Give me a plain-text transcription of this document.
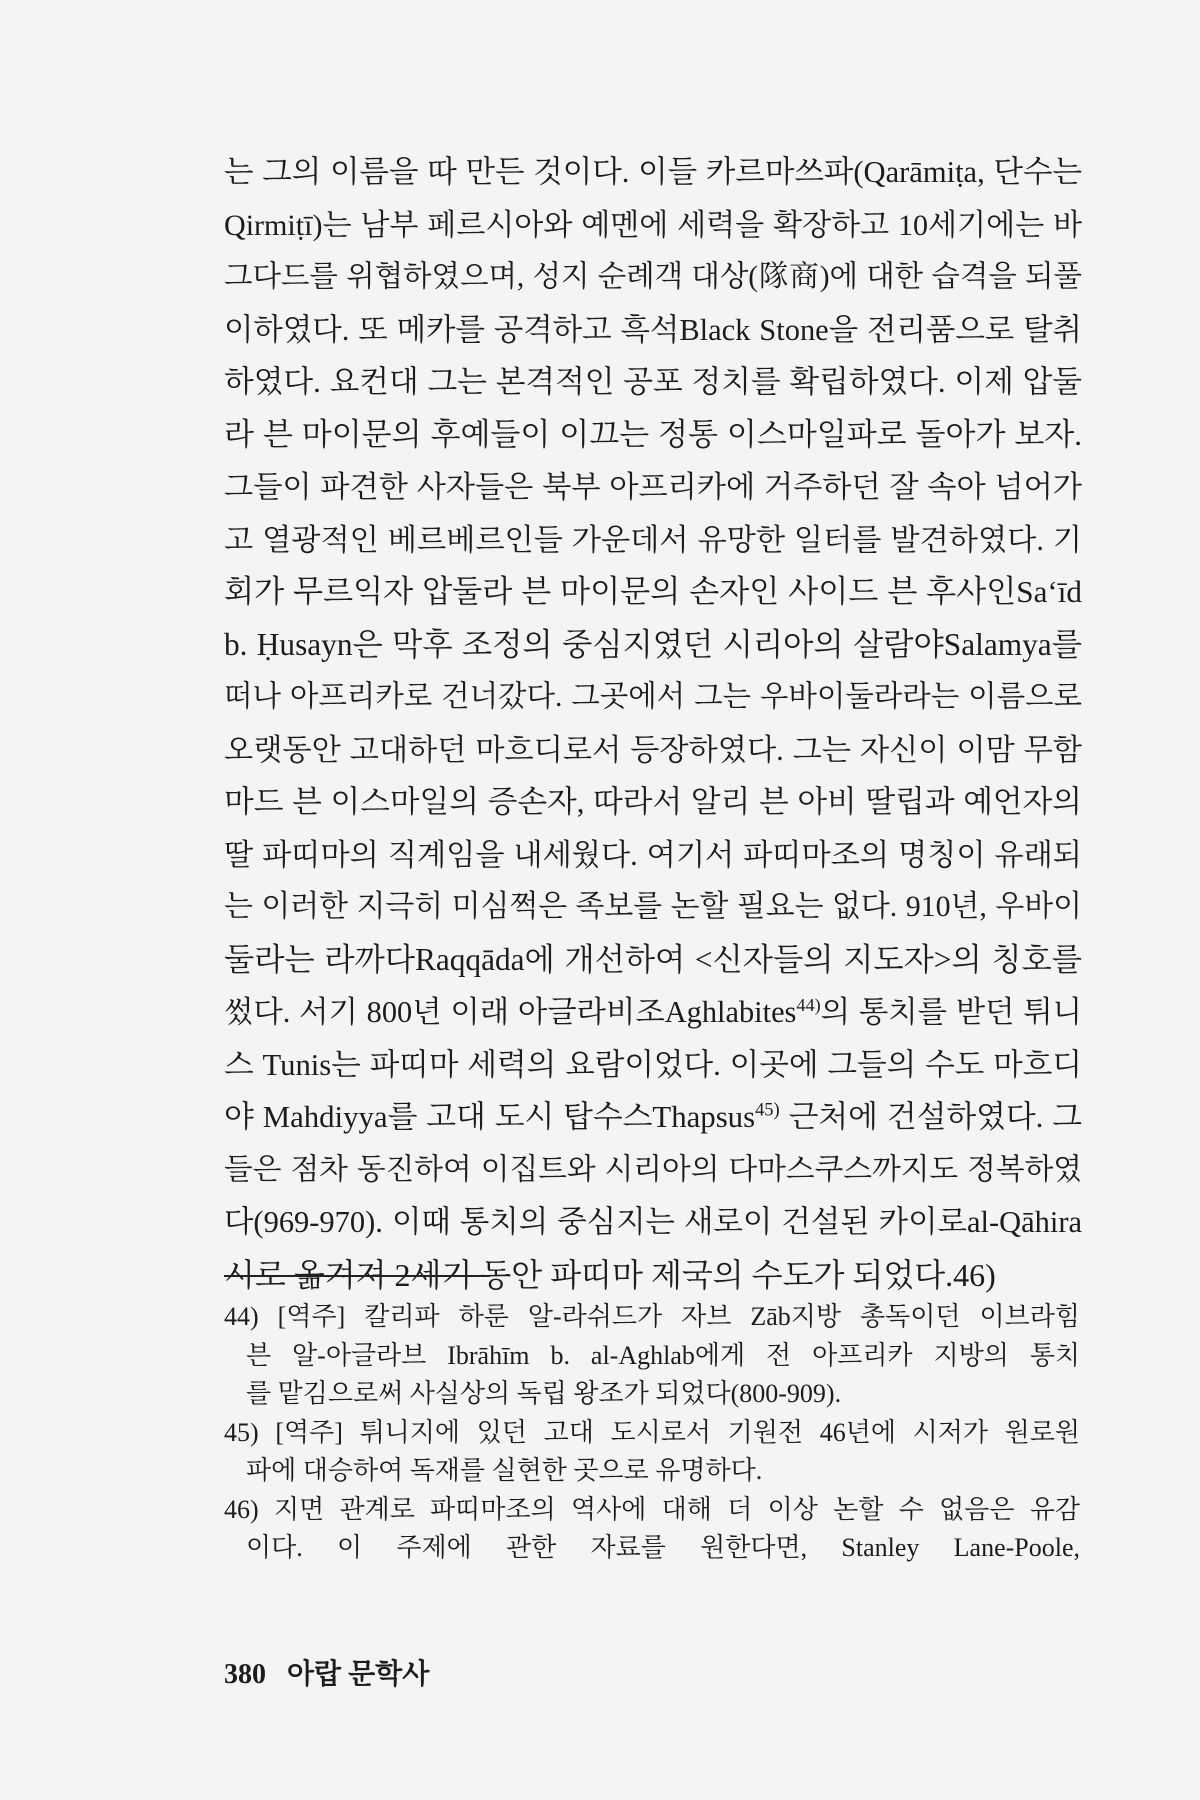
는 그의 이름을 따 만든 것이다. 이들 카르마쓰파(Qarāmiṭa, 단수는
Qirmiṭī)는 남부 페르시아와 예멘에 세력을 확장하고 10세기에는 바
그다드를 위협하였으며, 성지 순례객 대상(隊商)에 대한 습격을 되풀
이하였다. 또 메카를 공격하고 흑석Black Stone을 전리품으로 탈취
하였다. 요컨대 그는 본격적인 공포 정치를 확립하였다. 이제 압둘
라 븐 마이문의 후예들이 이끄는 정통 이스마일파로 돌아가 보자.
그들이 파견한 사자들은 북부 아프리카에 거주하던 잘 속아 넘어가
고 열광적인 베르베르인들 가운데서 유망한 일터를 발견하였다. 기
회가 무르익자 압둘라 븐 마이문의 손자인 사이드 븐 후사인Sa‘īd
b. Ḥusayn은 막후 조정의 중심지였던 시리아의 살람야Salamya를
떠나 아프리카로 건너갔다. 그곳에서 그는 우바이둘라라는 이름으로
오랫동안 고대하던 마흐디로서 등장하였다. 그는 자신이 이맘 무함
마드 븐 이스마일의 증손자, 따라서 알리 븐 아비 딸립과 예언자의
딸 파띠마의 직계임을 내세웠다. 여기서 파띠마조의 명칭이 유래되
는 이러한 지극히 미심쩍은 족보를 논할 필요는 없다. 910년, 우바이
둘라는 라까다Raqqāda에 개선하여 <신자들의 지도자>의 칭호를
썼다. 서기 800년 이래 아글라비조Aghlabites$^{44)}$의 통치를 받던 튀니
스 Tunis는 파띠마 세력의 요람이었다. 이곳에 그들의 수도 마흐디
야 Mahdiyya를 고대 도시 탑수스Thapsus$^{45)}$ 근처에 건설하였다. 그
들은 점차 동진하여 이집트와 시리아의 다마스쿠스까지도 정복하였
다(969-970). 이때 통치의 중심지는 새로이 건설된 카이로al-Qāhira
시로 옮겨져 2세기 동안 파띠마 제국의 수도가 되었다.46)
44) [역주] 칼리파 하룬 알-라쉬드가 자브 Zāb지방 총독이던 이브라힘
븐 알-아글라브 Ibrāhīm b. al-Aghlab에게 전 아프리카 지방의 통치
를 맡김으로써 사실상의 독립 왕조가 되었다(800-909).
45) [역주] 튀니지에 있던 고대 도시로서 기원전 46년에 시저가 원로원
파에 대승하여 독재를 실현한 곳으로 유명하다.
46) 지면 관계로 파띠마조의 역사에 대해 더 이상 논할 수 없음은 유감
이다. 이 주제에 관한 자료를 원한다면, Stanley Lane-Poole,
380 아랍 문학사
